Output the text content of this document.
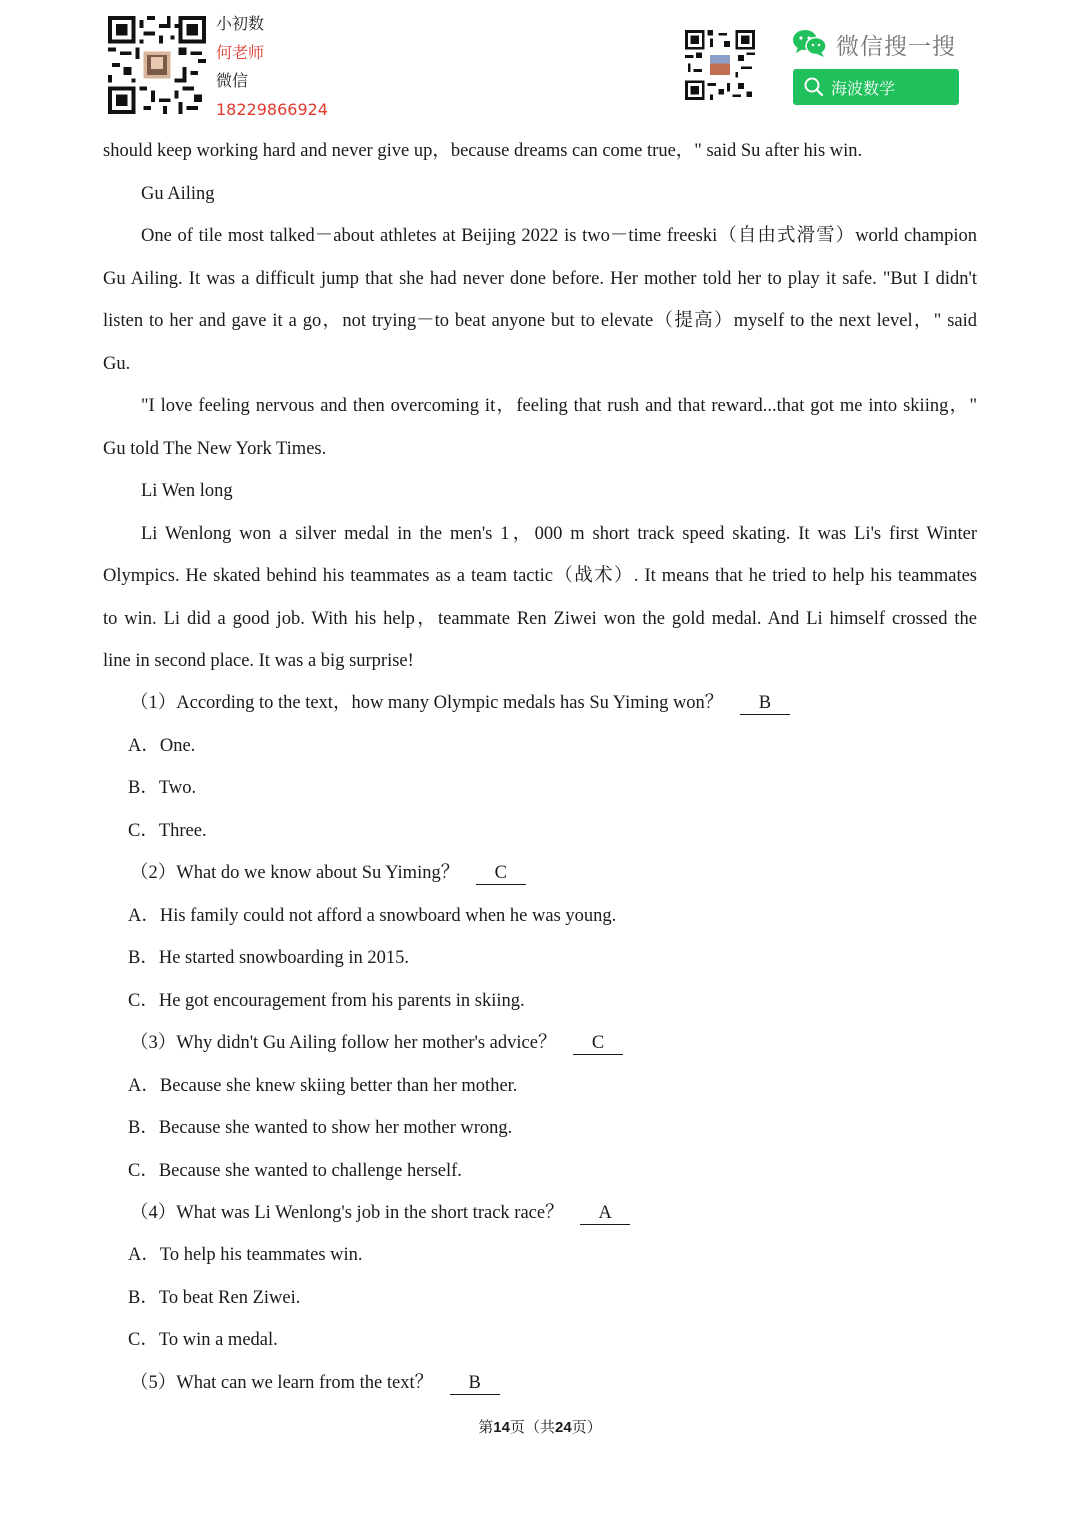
小初数
何老师
微信
18229866924
微信搜一搜
海波数学
should keep working hard and never give up，because dreams can come true，" said Su after his win.
Gu Ailing
One of tile most talked－about athletes at Beijing 2022 is two－time freeski（自由式滑雪）world champion
Gu Ailing. It was a difficult jump that she had never done before. Her mother told her to play it safe. "But I didn't
listen to her and gave it a go，not trying－to beat anyone but to elevate（提高）myself to the next level，" said
Gu.
"I love feeling nervous and then overcoming it，feeling that rush and that reward...that got me into skiing，"
Gu told The New York Times.
Li Wen long
Li Wenlong won a silver medal in the men's 1，000 m short track speed skating. It was Li's first Winter
Olympics. He skated behind his teammates as a team tactic（战术）. It means that he tried to help his teammates
to win. Li did a good job. With his help，teammate Ren Ziwei won the gold medal. And Li himself crossed the
line in second place. It was a big surprise!
（1）According to the text，how many Olympic medals has Su Yiming won？ B
A．One.
B．Two.
C．Three.
（2）What do we know about Su Yiming？ C
A．His family could not afford a snowboard when he was young.
B．He started snowboarding in 2015.
C．He got encouragement from his parents in skiing.
（3）Why didn't Gu Ailing follow her mother's advice？ C
A．Because she knew skiing better than her mother.
B．Because she wanted to show her mother wrong.
C．Because she wanted to challenge herself.
（4）What was Li Wenlong's job in the short track race？ A
A．To help his teammates win.
B．To beat Ren Ziwei.
C．To win a medal.
（5）What can we learn from the text？ B
第14页（共24页）
